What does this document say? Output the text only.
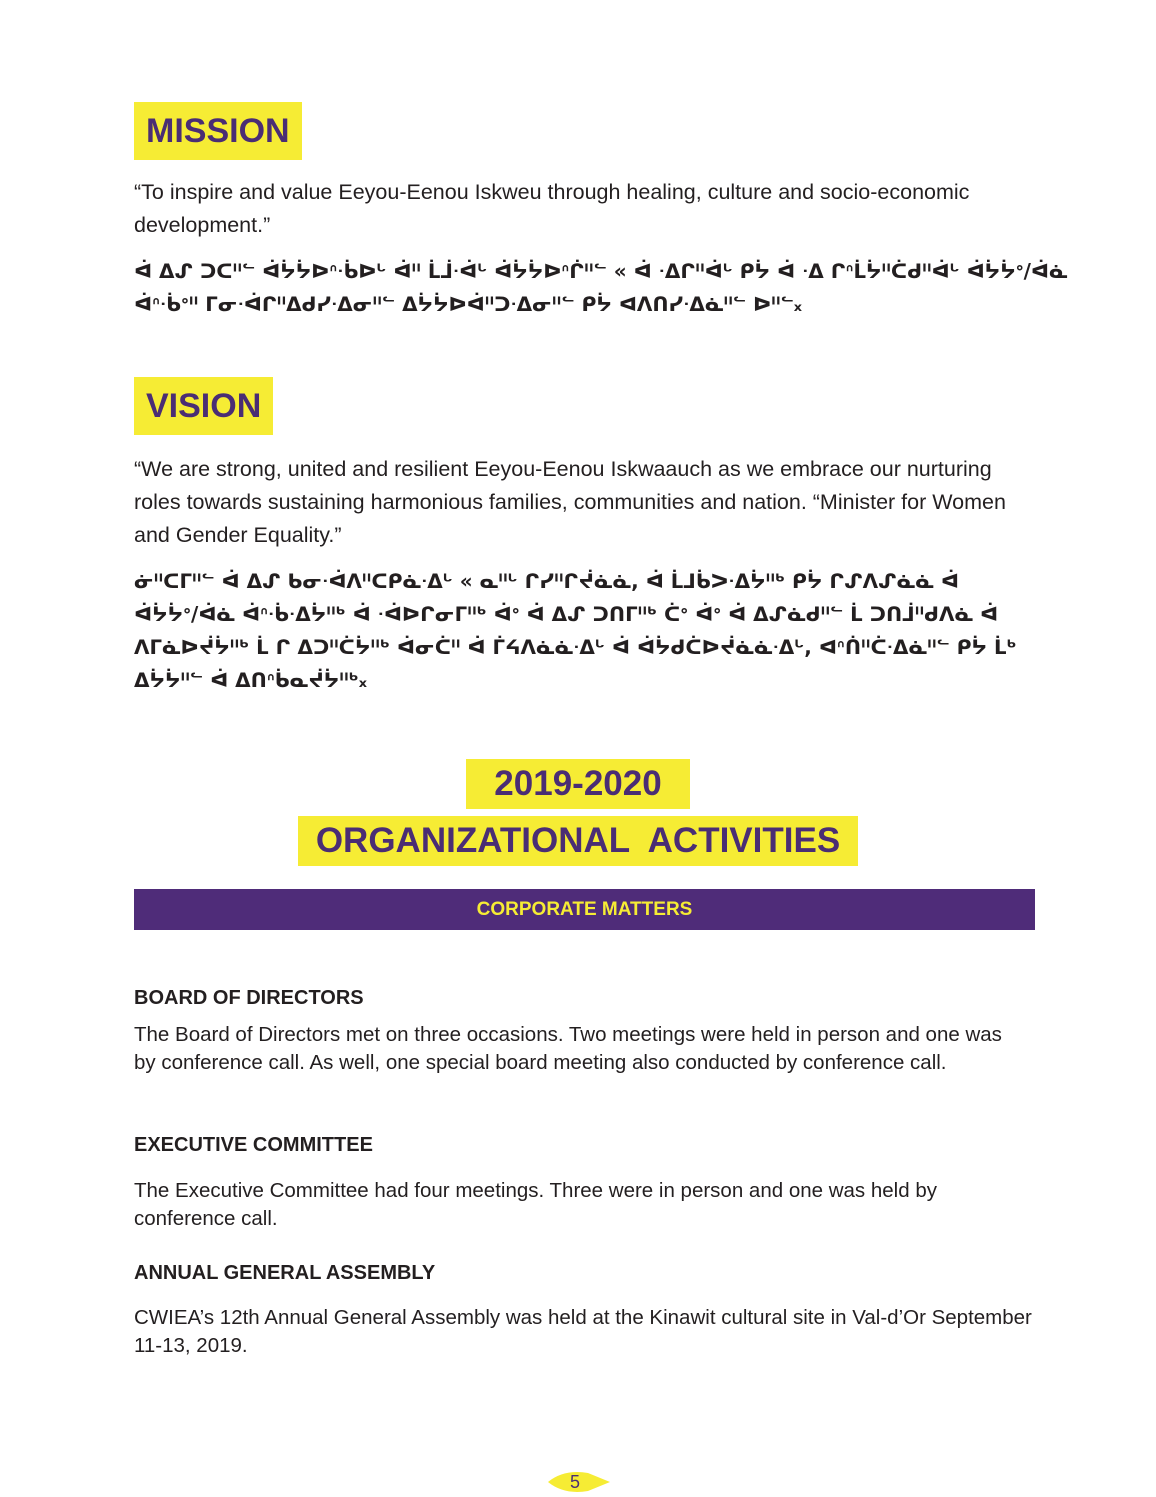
MISSION
“To inspire and value Eeyou-Eenou Iskweu through healing, culture and socio-economic development.”
ᐋ ᐃᔑ ᑐᑕᐦᓪ ᐋᔮᔮᐅᐢᐧᑳᐅᒡ ᐋᐦ ᒫᒨᐧᐋᒡ ᐋᔮᔮᐅᐢᒌᐦᓪ « ᐋ ᐧᐃᒋᐦᐋᒡ ᑭᔮ ᐋ ᐧᐃ ᒋᐢᒫᔮᐦᑖᑯᐦᐋᒡ ᐋᔮᔮᐤ/ᐋᓈ
ᐋᐢᐧᑳᐤᐦ ᒥᓂᐧᐋᒋᐦᐃᑯᓯᐧᐃᓂᐦᓪ ᐃᔮᔮᐅᐋᐦᑐᐧᐃᓂᐦᓪ ᑭᔮ ᐊᐱᑎᓯᐧᐃᓈᐦᓪ ᐅᐦᓪₓ
VISION
“We are strong, united and resilient Eeyou-Eenou Iskwaauch as we embrace our nurturing roles towards sustaining harmonious families, communities and nation. “Minister for Women and Gender Equality.”
ᓃᐦᑕᒥᐦᓪ ᐋ ᐃᔑ ᑲᓂᐧᐋᐱᐦᑕᑭᓈᐧᐃᒡ « ᓇᐦᒡ ᒋᓯᐦᒋᔫᓈᓈ, ᐋ ᒫᒧᑳᐳᐧᐃᔮᐦᒃ ᑭᔮ ᒋᔑᐱᔑᓈᓈ ᐋ
ᐋᔮᔮᐤ/ᐋᓈ ᐋᐢᐧᑳᐧᐃᔮᐦᒃ ᐋ ᐧᐋᐅᒋᓂᒥᐦᒃ ᐋᐤ ᐋ ᐃᔑ ᑐᑎᒥᐦᒃ ᑖᐤ ᐋᐤ ᐋ ᐃᔑᓈᑯᐦᓪ ᒫ ᑐᑎᒨᐦᑯᐱᓈ ᐋ
ᐱᒥᓈᐅᔫᔮᐦᒃ ᒫ ᒋ ᐃᑐᐦᑖᔮᐦᒃ ᐋᓂᑖᐦ ᐋ ᒦᔦᐱᓈᓈᐧᐃᒡ ᐋ ᐋᔮᑯᑖᐅᔫᓈᓈᐧᐃᒡ, ᐊᐢᑏᐦᑖᐧᐃᓈᐦᓪ ᑭᔮ ᒫᒃ
ᐃᔮᔮᐦᓪ ᐋ ᐃᑎᐢᑳᓇᔫᔮᐦᒃₓ
2019-2020
ORGANIZATIONAL  ACTIVITIES
CORPORATE MATTERS
BOARD OF DIRECTORS
The Board of Directors met on three occasions. Two meetings were held in person and one was by conference call. As well, one special board meeting also conducted by conference call.
EXECUTIVE COMMITTEE
The Executive Committee had four meetings. Three were in person and one was held by conference call.
ANNUAL GENERAL ASSEMBLY
CWIEA’s 12th Annual General Assembly was held at the Kinawit cultural site in Val-d’Or September 11-13, 2019.
5
